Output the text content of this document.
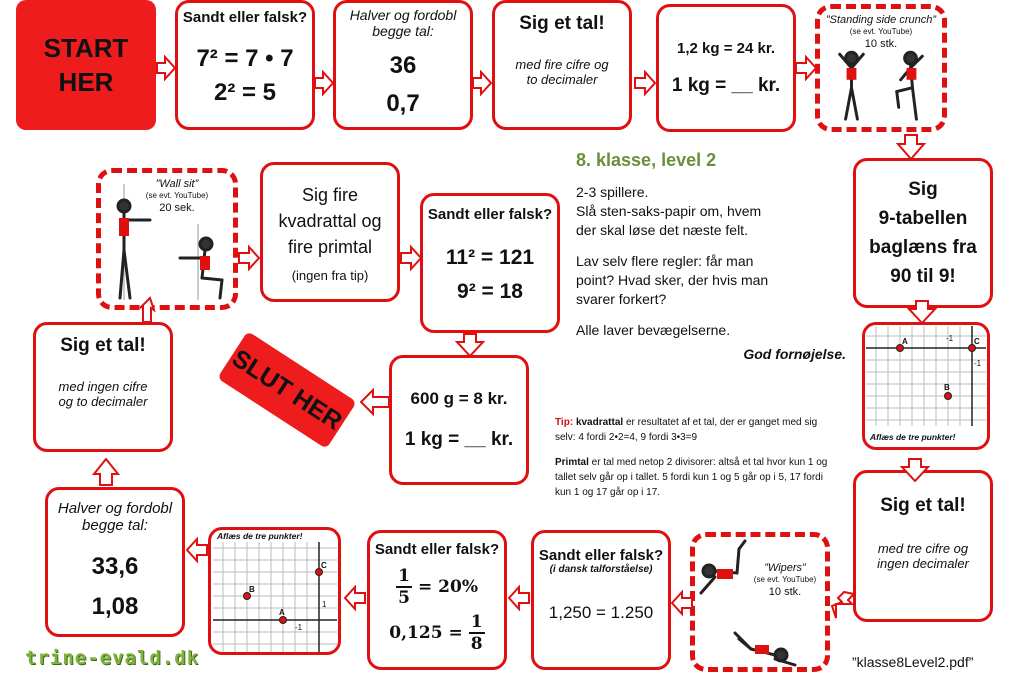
START
HER
Sandt eller falsk?
7² = 7 • 7
2² = 5
Halver og fordobl
begge tal:
36
0,7
Sig et tal!
med fire cifre og
to decimaler
1,2 kg = 24 kr.
1 kg = __ kr.
”Standing side crunch”
(se evt. YouTube)
10 stk.
Sig
9-tabellen
baglæns fra
90 til 9!
A
B
C
-1
-1
Aflæs de tre punkter!
Sig et tal!
med tre cifre og
ingen decimaler
”Wipers”
(se evt. YouTube)
10 stk.
Sandt eller falsk?
(i dansk talforståelse)
1,250 = 1.250
Sandt eller falsk?
1
5
= 20%
0,125 =
1
8
A
B
C
1
-1
Aflæs de tre punkter!
Halver og fordobl
begge tal:
33,6
1,08
Sig et tal!
med ingen cifre
og to decimaler
”Wall sit”
(se evt. YouTube)
20 sek.
Sig fire
kvadrattal og
fire primtal
(ingen fra tip)
Sandt eller falsk?
11² = 121
9² = 18
600 g = 8 kr.
1 kg = __ kr.
SLUT HER
8. klasse, level 2
2-3 spillere.
Slå sten-saks-papir om, hvem
der skal løse det næste felt.
Lav selv flere regler: får man
point? Hvad sker, der hvis man
svarer forkert?
Alle laver bevægelserne.
God fornøjelse.
Tip: kvadrattal er resultatet af et tal, der er ganget med sig selv: 4 fordi 2•2=4, 9 fordi 3•3=9
Primtal er tal med netop 2 divisorer: altså et tal hvor kun 1 og tallet selv går op i tallet. 5 fordi kun 1 og 5 går op i 5, 17 fordi kun 1 og 17 går op i 17.
trine-evald.dk	”klasse8Level2.pdf”
